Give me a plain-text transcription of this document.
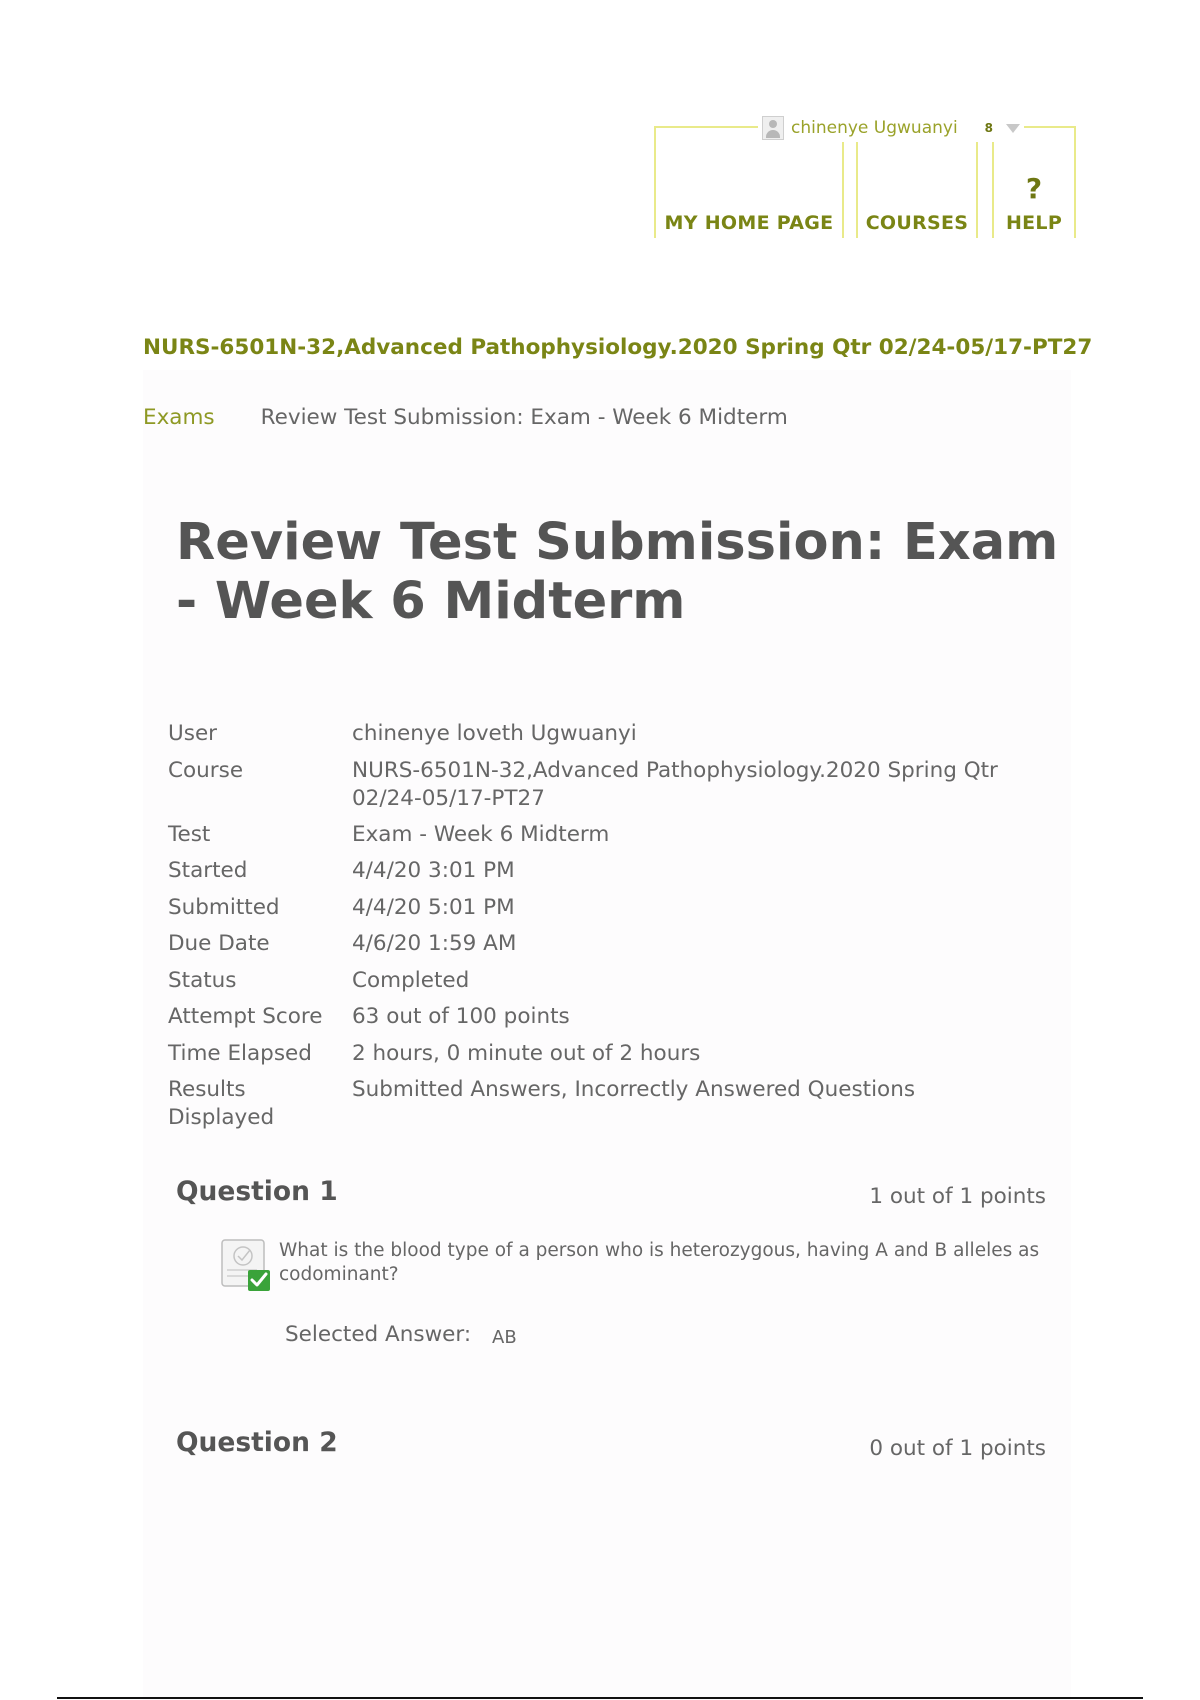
MY HOME PAGE	COURSES
?
HELP
chinenye Ugwuanyi 8
NURS-6501N-32,Advanced Pathophysiology.2020 Spring Qtr 02/24-05/17-PT27
Exams Review Test Submission: Exam - Week 6 Midterm
Review Test Submission: Exam - Week 6 Midterm
User	chinenye loveth Ugwuanyi
Course	NURS-6501N-32,Advanced Pathophysiology.2020 Spring Qtr 02/24-05/17-PT27
Test	Exam - Week 6 Midterm
Started	4/4/20 3:01 PM
Submitted	4/4/20 5:01 PM
Due Date	4/6/20 1:59 AM
Status	Completed
Attempt Score	63 out of 100 points
Time Elapsed	2 hours, 0 minute out of 2 hours
Results Displayed	Submitted Answers, Incorrectly Answered Questions
Question 1	1 out of 1 points
What is the blood type of a person who is heterozygous, having A and B alleles as codominant?
Selected Answer: AB
Question 2	0 out of 1 points
